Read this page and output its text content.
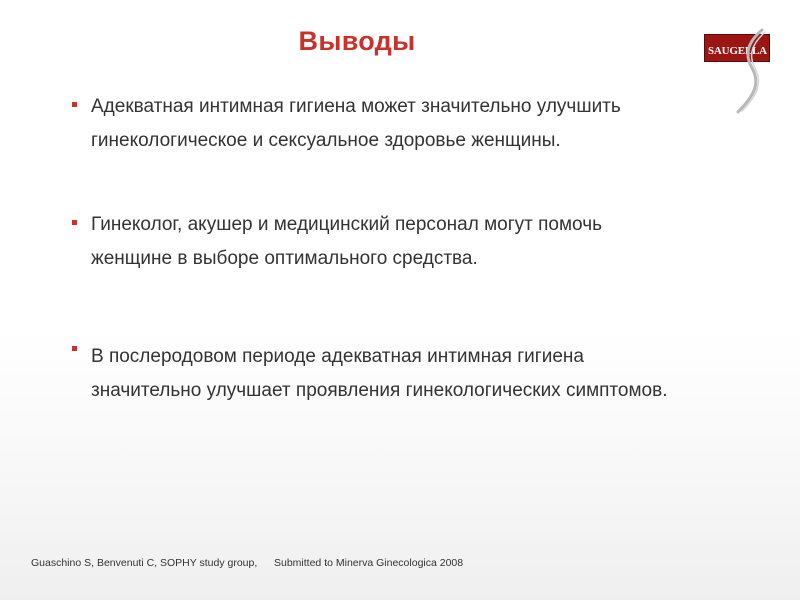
Выводы	SAUGELLA
Адекватная интимная гигиена может значительно улучшить
гинекологическое и сексуальное здоровье женщины.
Гинеколог, акушер и медицинский персонал могут помочь
женщине в выборе оптимального средства.
В послеродовом периоде адекватная интимная гигиена
значительно улучшает проявления гинекологических симптомов.
Guaschino S, Benvenuti C, SOPHY study group, Submitted to Minerva Ginecologica 2008
